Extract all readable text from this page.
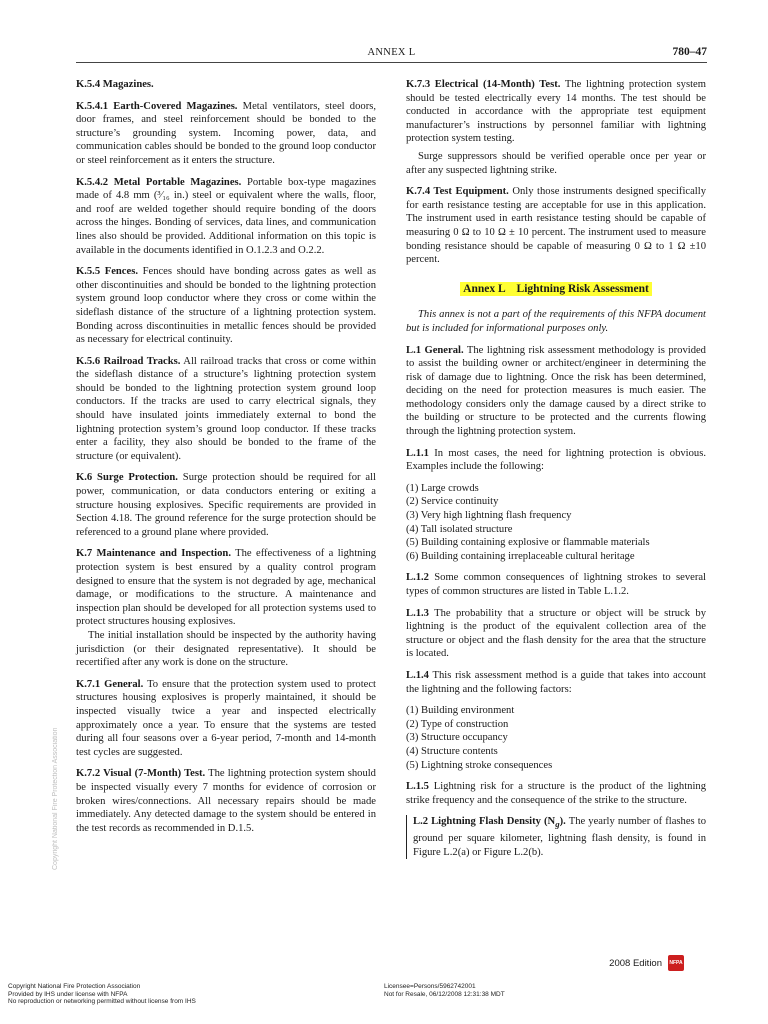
ANNEX L	780–47

K.5.4 Magazines.

K.5.4.1 Earth-Covered Magazines. Metal ventilators, steel doors, door frames, and steel reinforcement should be bonded to the structure’s grounding system. Incoming power, data, and communication cables should be bonded to the ground loop conductor or steel reinforcement as it enters the structure.

K.5.4.2 Metal Portable Magazines. Portable box-type magazines made of 4.8 mm (³⁄₁₆ in.) steel or equivalent where the walls, floor, and roof are welded together should require bonding of the doors across the hinges. Bonding of services, data lines, and communication lines also should be provided. Additional information on this topic is available in the documents identified in O.1.2.3 and O.2.2.

K.5.5 Fences. Fences should have bonding across gates as well as other discontinuities and should be bonded to the lightning protection system ground loop conductor where they cross or come within the sideflash distance of the structure of a lightning protection system. Bonding across discontinuities in metallic fences should be provided as necessary for electrical continuity.

K.5.6 Railroad Tracks. All railroad tracks that cross or come within the sideflash distance of a structure’s lightning protection system should be bonded to the lightning protection system ground loop conductors. If the tracks are used to carry electrical signals, they should have insulated joints immediately external to bond the lightning protection system’s ground loop conductor. If these tracks enter a facility, they also should be bonded to the frame of the structure (or equivalent).

K.6 Surge Protection. Surge protection should be required for all power, communication, or data conductors entering or exiting a structure housing explosives. Specific requirements are provided in Section 4.18. The ground reference for the surge protection should be referenced to a ground plane where provided.

K.7 Maintenance and Inspection. The effectiveness of a lightning protection system is best ensured by a quality control program designed to ensure that the system is not degraded by age, mechanical damage, or modifications to the structure. A maintenance and inspection plan should be developed for all protection systems used to protect structures housing explosives.

The initial installation should be inspected by the authority having jurisdiction (or their designated representative). It should be recertified after any work is done on the structure.

K.7.1 General. To ensure that the protection system used to protect structures housing explosives is properly maintained, it should be inspected visually twice a year and inspected electrically approximately once a year. To ensure that the systems are tested during all four seasons over a 6-year period, 7-month and 14-month test cycles are suggested.

K.7.2 Visual (7-Month) Test. The lightning protection system should be inspected visually every 7 months for evidence of corrosion or broken wires/connections. All necessary repairs should be made immediately. Any detected damage to the system should be entered in the test records as recommended in D.1.5.

K.7.3 Electrical (14-Month) Test. The lightning protection system should be tested electrically every 14 months. The test should be conducted in accordance with the appropriate test equipment manufacturer’s instructions by personnel familiar with lightning protection system testing.

Surge suppressors should be verified operable once per year or after any suspected lightning strike.

K.7.4 Test Equipment. Only those instruments designed specifically for earth resistance testing are acceptable for use in this application. The instrument used in earth resistance testing should be capable of measuring 0 Ω to 10 Ω ± 10 percent. The instrument used to measure bonding resistance should be capable of measuring 0 Ω to 1 Ω ±10 percent.

Annex L    Lightning Risk Assessment

This annex is not a part of the requirements of this NFPA document but is included for informational purposes only.

L.1 General. The lightning risk assessment methodology is provided to assist the building owner or architect/engineer in determining the risk of damage due to lightning. Once the risk has been determined, deciding on the need for protection measures is much easier. The methodology considers only the damage caused by a direct strike to the building or structure to be protected and the currents flowing through the lightning protection system.

L.1.1 In most cases, the need for lightning protection is obvious. Examples include the following:

(1) Large crowds
(2) Service continuity
(3) Very high lightning flash frequency
(4) Tall isolated structure
(5) Building containing explosive or flammable materials
(6) Building containing irreplaceable cultural heritage

L.1.2 Some common consequences of lightning strokes to several types of common structures are listed in Table L.1.2.

L.1.3 The probability that a structure or object will be struck by lightning is the product of the equivalent collection area of the structure or object and the flash density for the area that the structure is located.

L.1.4 This risk assessment method is a guide that takes into account the lightning and the following factors:

(1) Building environment
(2) Type of construction
(3) Structure occupancy
(4) Structure contents
(5) Lightning stroke consequences

L.1.5 Lightning risk for a structure is the product of the lightning strike frequency and the consequence of the strike to the structure.

L.2 Lightning Flash Density $(N_g)$. The yearly number of flashes to ground per square kilometer, lightning flash density, is found in Figure L.2(a) or Figure L.2(b).

Copyright National Fire Protection Association
2008 Edition NFPA
Copyright National Fire Protection Association
Provided by IHS under license with NFPA
No reproduction or networking permitted without license from IHS
Licensee=Persons/5962742001
Not for Resale, 06/12/2008 12:31:38 MDT
